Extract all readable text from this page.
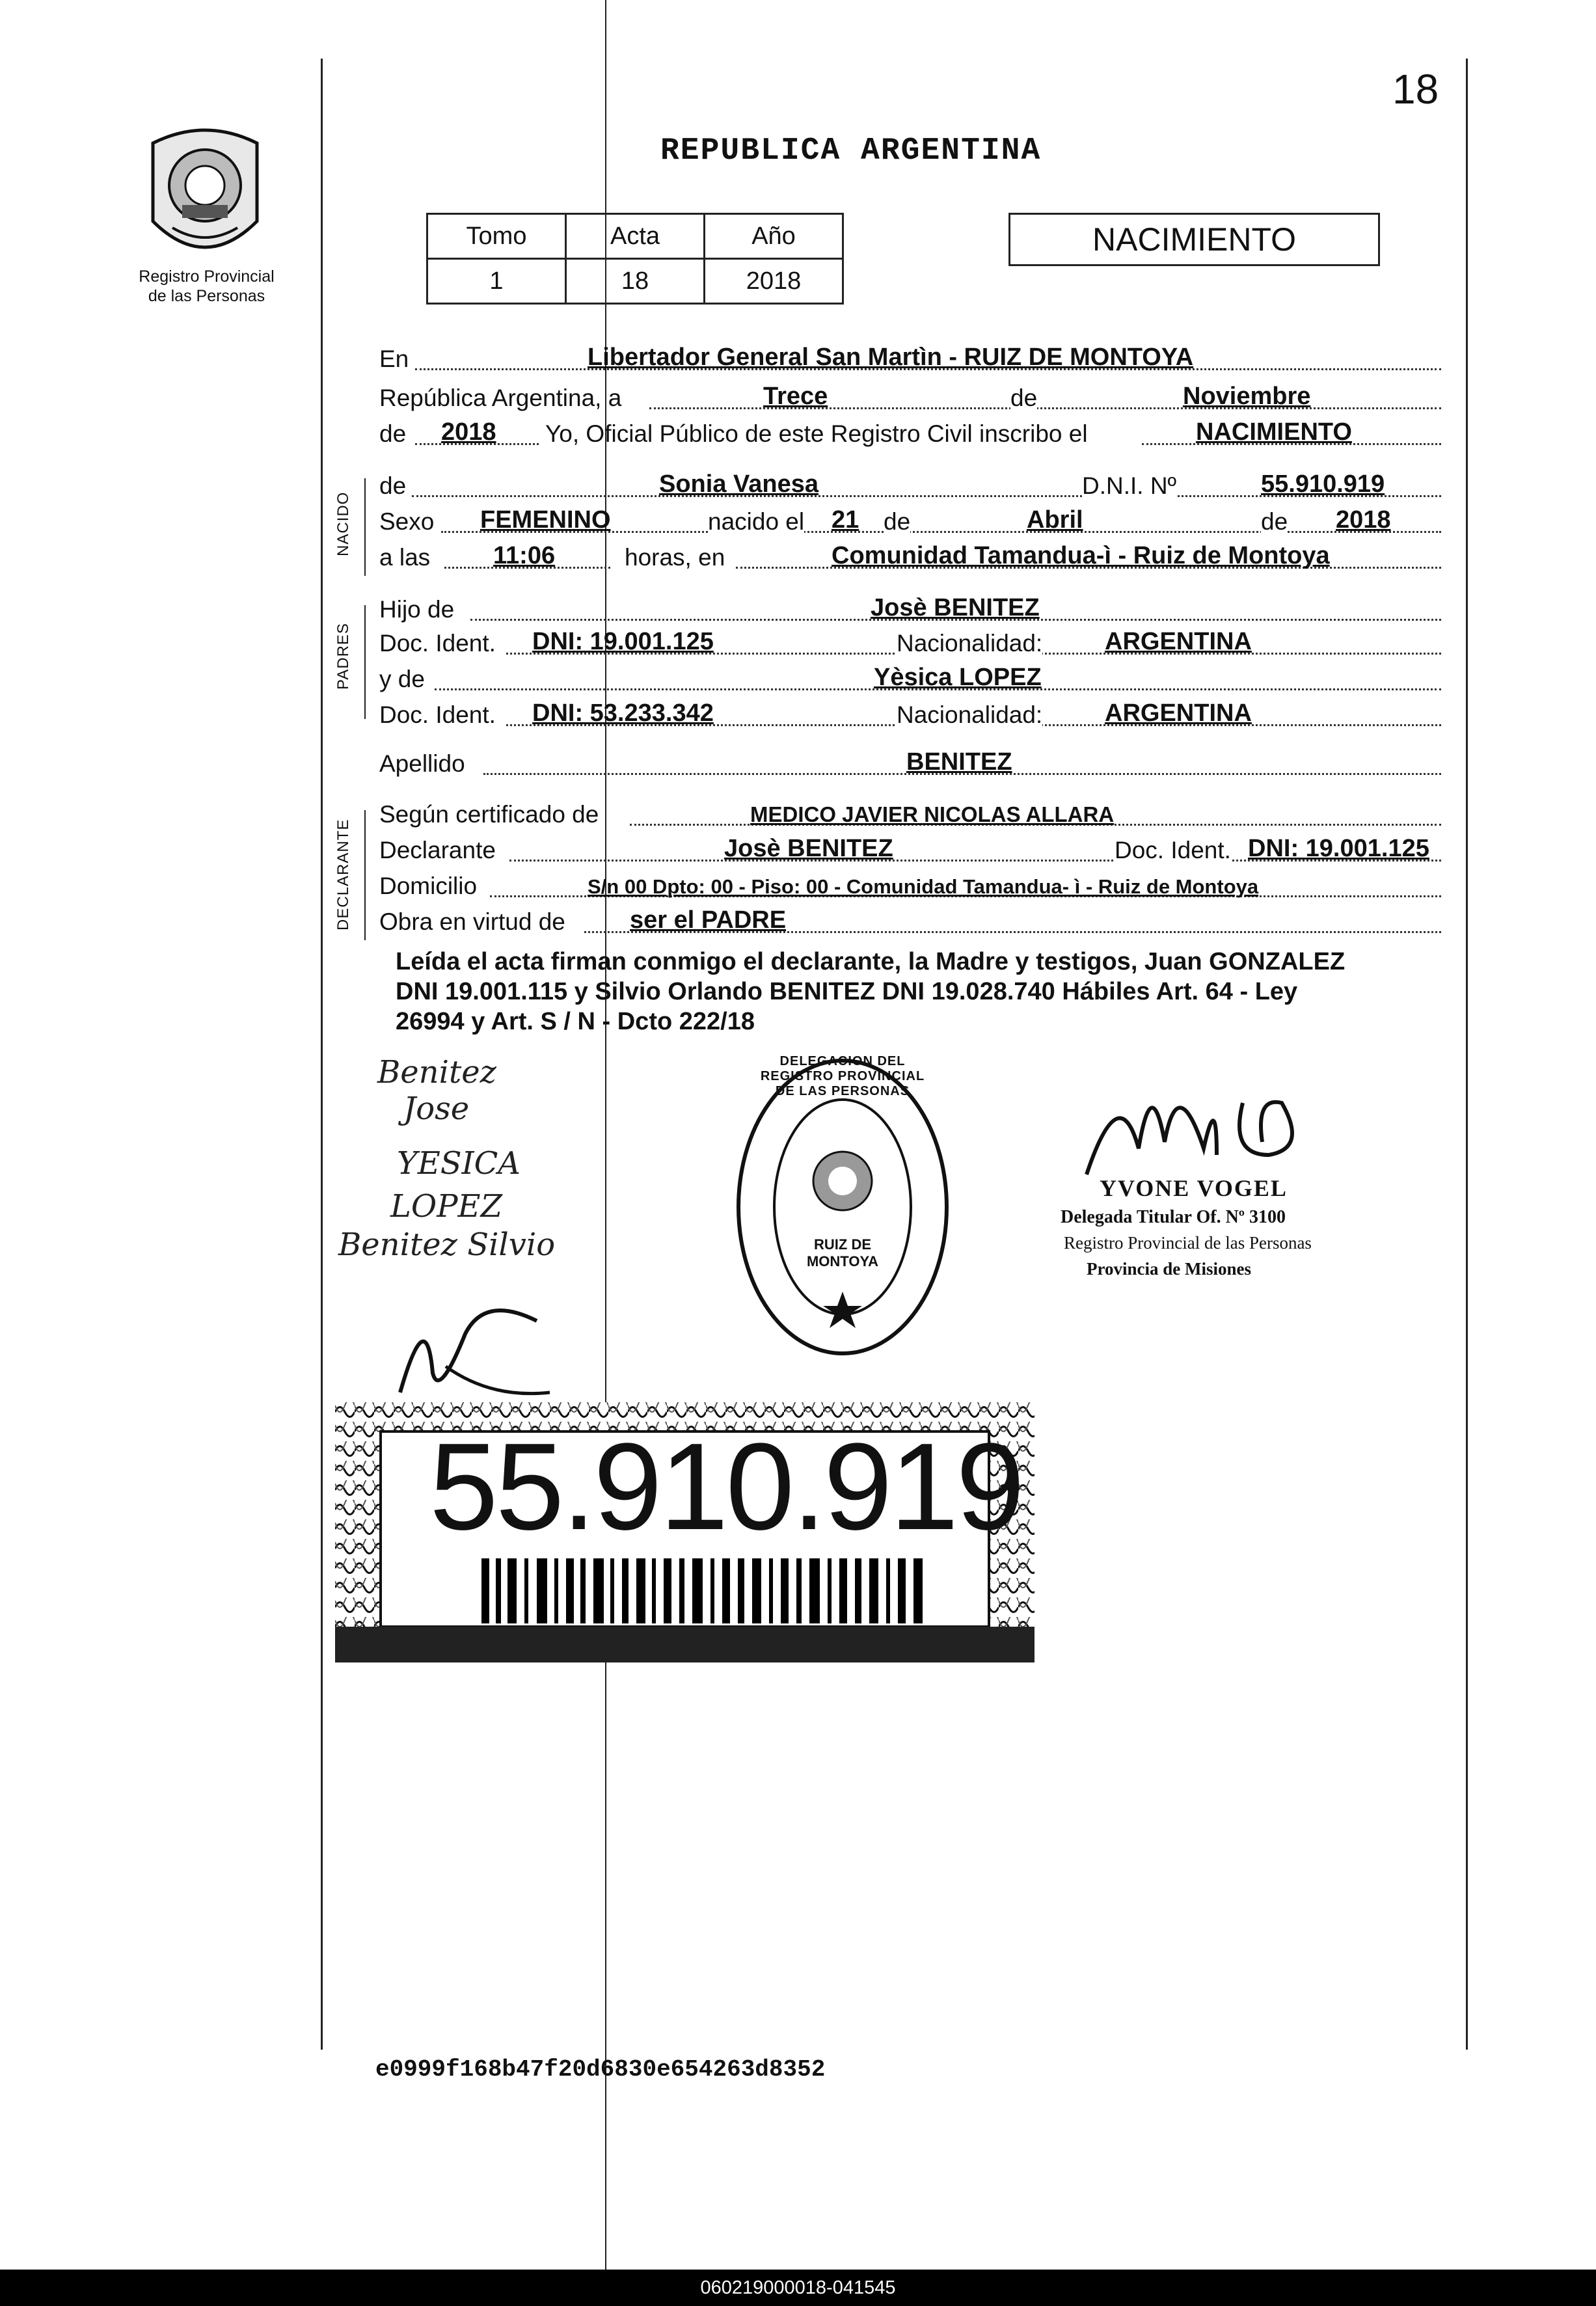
18
Registro Provincial
de las Personas
REPUBLICA ARGENTINA
Tomo	Acta	Año
1	18	2018
NACIMIENTO
En	Libertador General San Martìn - RUIZ DE MONTOYA
República Argentina, a	Trece	de	Noviembre
de 2018 Yo, Oficial Público de este Registro Civil inscribo el	NACIMIENTO
NACIDO
de	Sonia Vanesa	D.N.I. Nº	55.910.919
Sexo FEMENINO	nacido el 21 de	Abril	de 2018
a las	11:06	horas, en	Comunidad Tamandua-ì - Ruiz de Montoya
PADRES
Hijo de	Josè BENITEZ
Doc. Ident. DNI: 19.001.125	Nacionalidad:	ARGENTINA
y de	Yèsica LOPEZ
Doc. Ident. DNI: 53.233.342	Nacionalidad:	ARGENTINA
Apellido	BENITEZ
DECLARANTE
Según certificado de	MEDICO JAVIER NICOLAS ALLARA
Declarante	Josè BENITEZ	Doc. Ident. DNI: 19.001.125
Domicilio	S/n 00 Dpto: 00 - Piso: 00 - Comunidad Tamandua- ì - Ruiz de Montoya
Obra en virtud de	ser el PADRE
Leída el acta firman conmigo el declarante, la Madre y testigos, Juan GONZALEZ
DNI 19.001.115 y Silvio Orlando BENITEZ DNI 19.028.740 Hábiles Art. 64 - Ley
26994 y Art. S / N - Dcto 222/18
Benitez
Jose
YESICA
LOPEZ
Benitez Silvio
DELEGACION DEL REGISTRO PROVINCIAL DE LAS PERSONAS
RUIZ DE MONTOYA
YVONE VOGEL
Delegada Titular Of. Nº 3100
Registro Provincial de las Personas
Provincia de Misiones
55.910.919
e0999f168b47f20d6830e654263d8352
060219000018-041545
